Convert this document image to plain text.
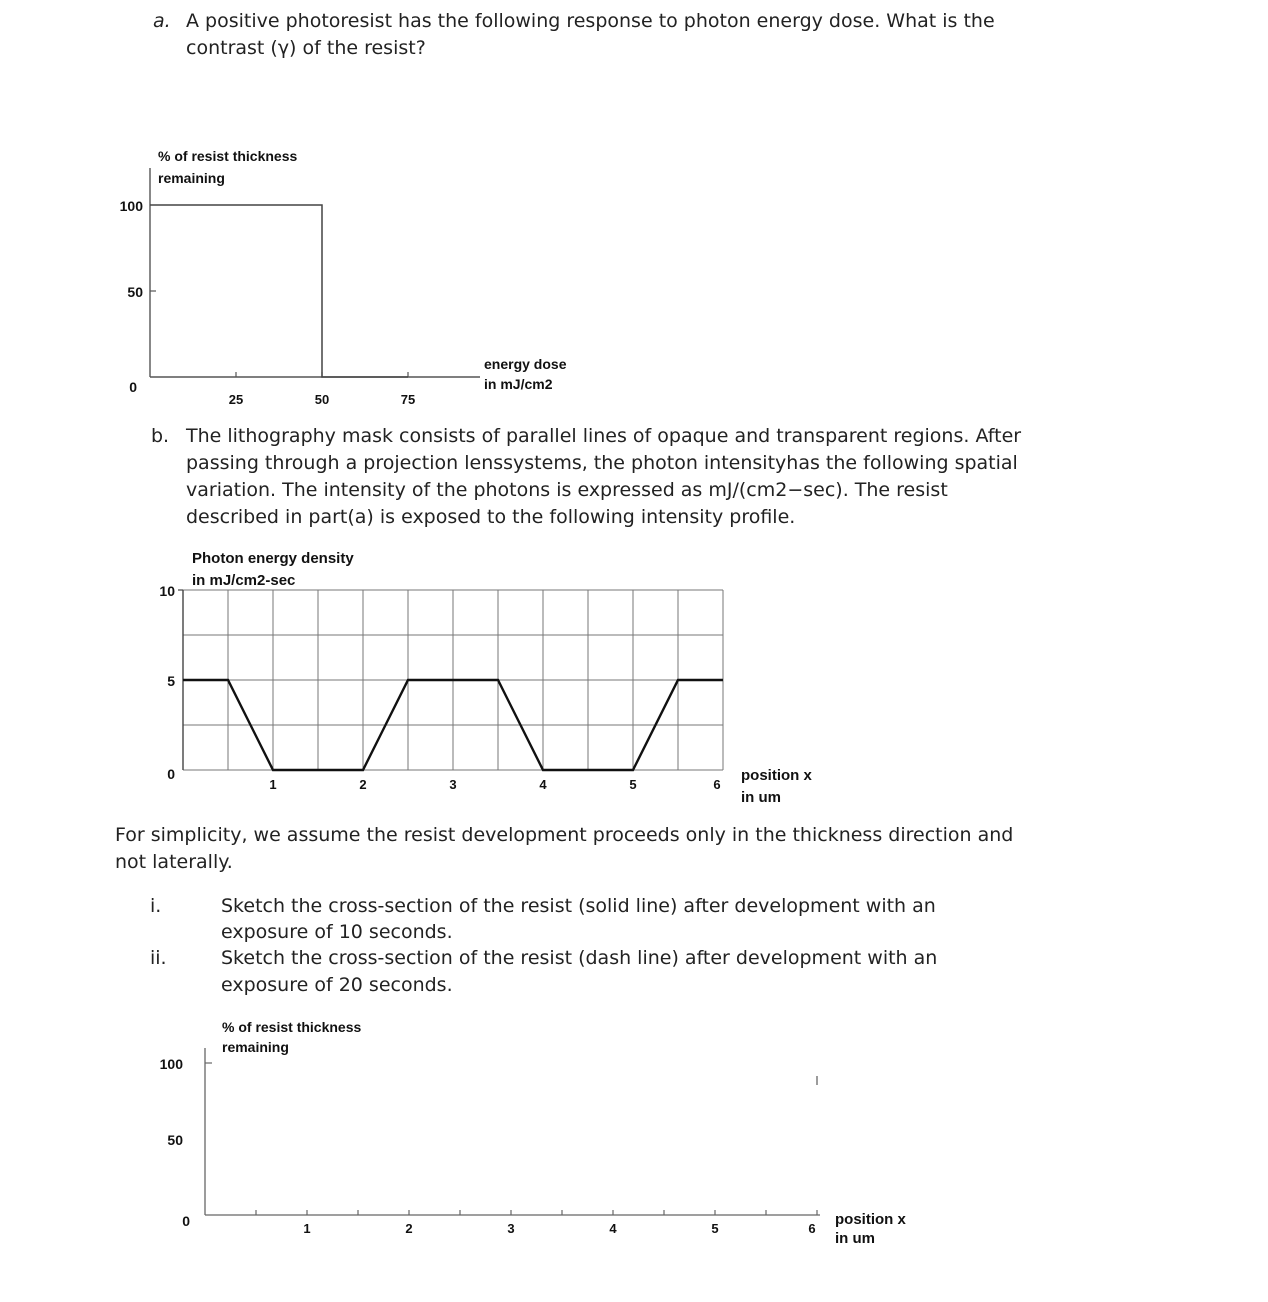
a. A positive photoresist has the following response to photon energy dose. What is the
contrast (γ) of the resist?
% of resist thickness
remaining
25	50	75
0
50
100
energy dose
in mJ/cm2
b. The lithography mask consists of parallel lines of opaque and transparent regions. After
passing through a projection lenssystems, the photon intensityhas the following spatial
variation. The intensity of the photons is expressed as mJ/(cm2−sec). The resist
described in part(a) is exposed to the following intensity profile.
Photon energy density
in mJ/cm2-sec
0
5
10
1	2	3	4	5	6
position x
in um
For simplicity, we assume the resist development proceeds only in the thickness direction and
not laterally.
i.	Sketch the cross-section of the resist (solid line) after development with an
exposure of 10 seconds.
ii.	Sketch the cross-section of the resist (dash line) after development with an
exposure of 20 seconds.
% of resist thickness
remaining
1	2	3	4	5	6
0
50
100
position x
in um
